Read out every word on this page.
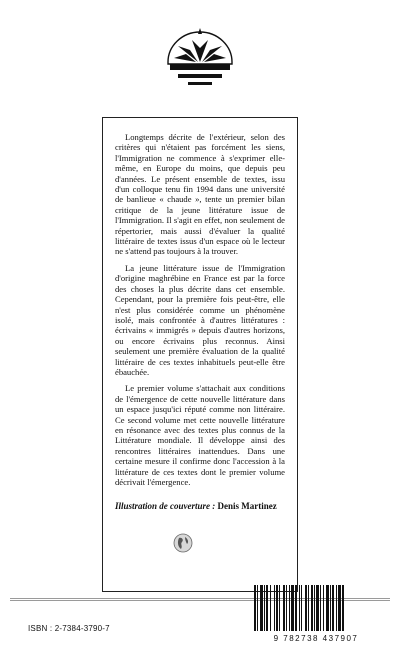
Longtemps décrite de l'extérieur, selon des critères qui n'étaient pas forcément les siens, l'Immigration ne commence à s'exprimer elle-même, en Europe du moins, que depuis peu d'années. Le présent ensemble de textes, issu d'un colloque tenu fin 1994 dans une université de banlieue « chaude », tente un premier bilan critique de la jeune littérature issue de l'Immigration. Il s'agit en effet, non seulement de répertorier, mais aussi d'évaluer la qualité littéraire de textes issus d'un espace où le lecteur ne s'attend pas toujours à la trouver.

La jeune littérature issue de l'Immigration d'origine maghrébine en France est par la force des choses la plus décrite dans cet ensemble. Cependant, pour la première fois peut-être, elle n'est plus considérée comme un phénomène isolé, mais confrontée à d'autres littératures : écrivains « immigrés » depuis d'autres horizons, ou encore écrivains plus reconnus. Ainsi seulement une première évaluation de la qualité littéraire de ces textes inhabituels peut-elle être ébauchée.

Le premier volume s'attachait aux conditions de l'émergence de cette nouvelle littérature dans un espace jusqu'ici réputé comme non littéraire. Ce second volume met cette nouvelle littérature en résonance avec des textes plus connus de la Littérature mondiale. Il développe ainsi des rencontres littéraires inattendues. Dans une certaine mesure il confirme donc l'accession à la littérature de ces textes dont le premier volume décrivait l'émergence.

Illustration de couverture : Denis Martinez
ISBN : 2-7384-3790-7
9 782738 437907
